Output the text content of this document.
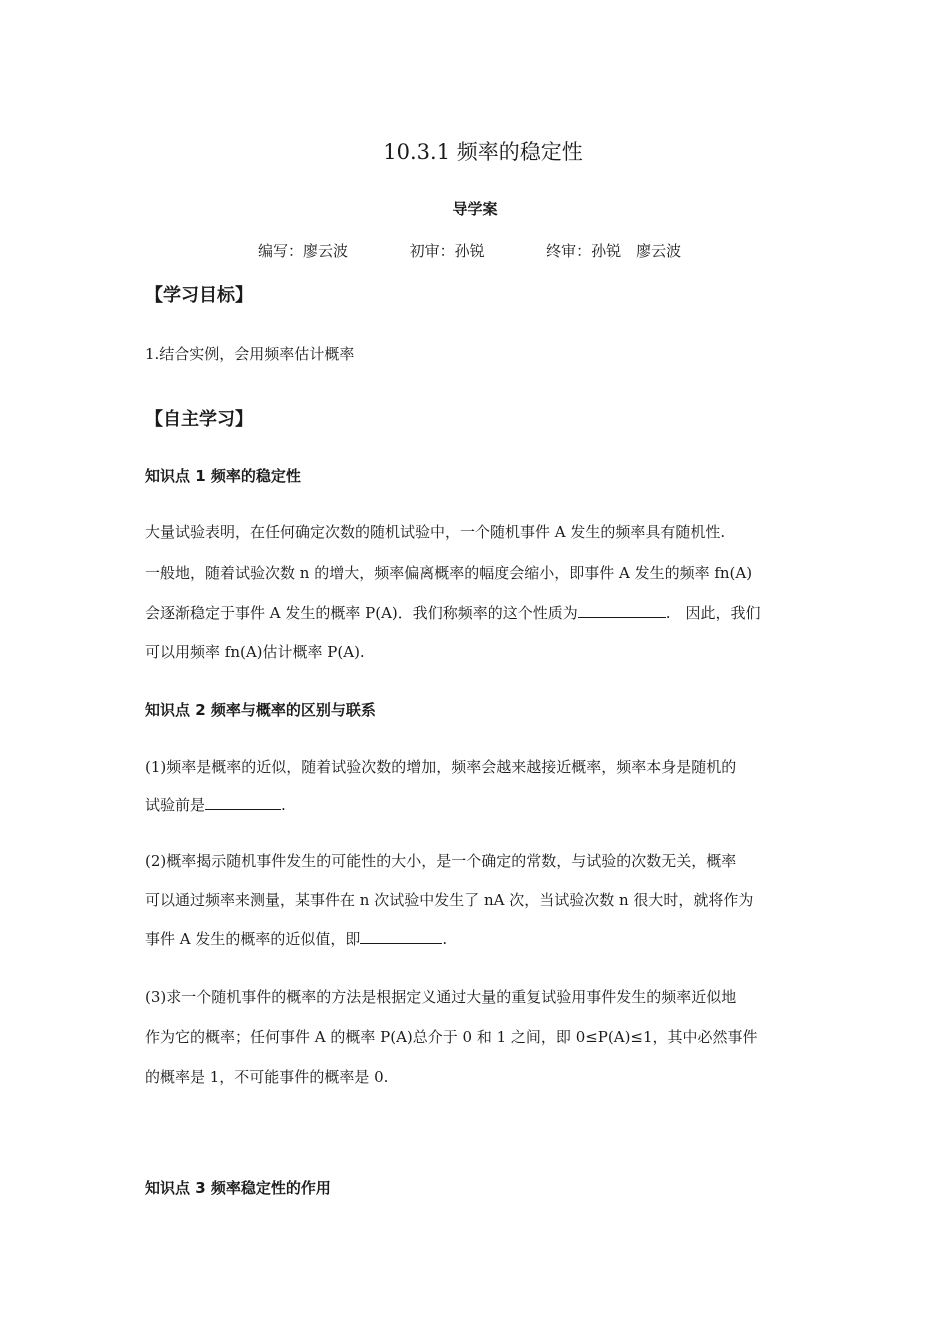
10.3.1 频率的稳定性
导学案
编写：廖云波	初审：孙锐	终审：孙锐　廖云波
【学习目标】
1.结合实例，会用频率估计概率
【自主学习】
知识点 1 频率的稳定性
大量试验表明，在任何确定次数的随机试验中，一个随机事件 A 发生的频率具有随机性.
一般地，随着试验次数 n 的增大，频率偏离概率的幅度会缩小，即事件 A 发生的频率 fn(A)
会逐渐稳定于事件 A 发生的概率 P(A)．我们称频率的这个性质为	.　因此，我们
可以用频率 fn(A)估计概率 P(A).
知识点 2 频率与概率的区别与联系
(1)频率是概率的近似，随着试验次数的增加，频率会越来越接近概率，频率本身是随机的
试验前是	.
(2)概率揭示随机事件发生的可能性的大小，是一个确定的常数，与试验的次数无关，概率
可以通过频率来测量，某事件在 n 次试验中发生了 nA 次，当试验次数 n 很大时，就将作为
事件 A 发生的概率的近似值，即	.
(3)求一个随机事件的概率的方法是根据定义通过大量的重复试验用事件发生的频率近似地
作为它的概率；任何事件 A 的概率 P(A)总介于 0 和 1 之间，即 0≤P(A)≤1，其中必然事件
的概率是 1，不可能事件的概率是 0.
知识点 3 频率稳定性的作用
